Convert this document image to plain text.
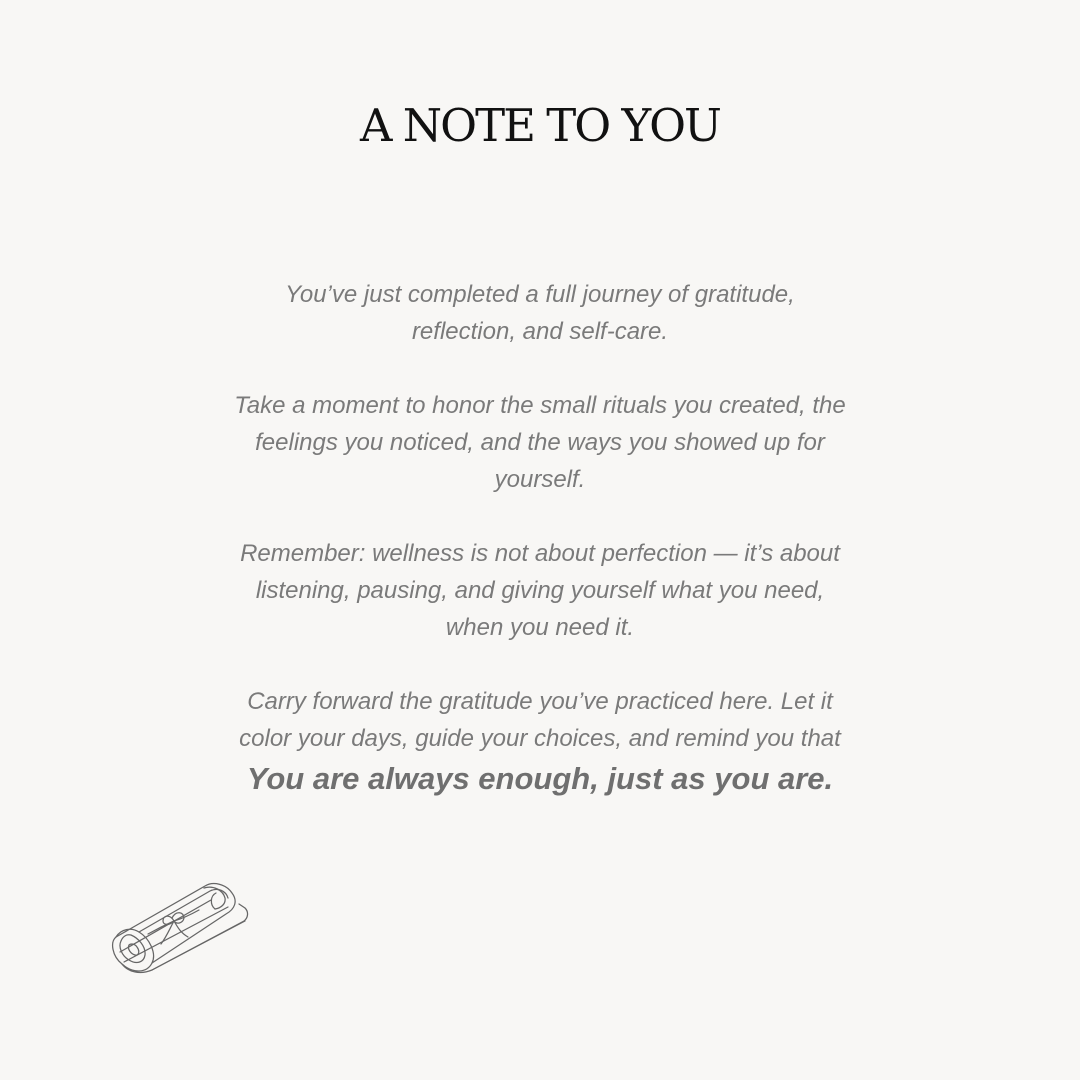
A NOTE TO YOU

You’ve just completed a full journey of gratitude,
reflection, and self-care.

Take a moment to honor the small rituals you created, the
feelings you noticed, and the ways you showed up for
yourself.

Remember: wellness is not about perfection — it’s about
listening, pausing, and giving yourself what you need,
when you need it.

Carry forward the gratitude you’ve practiced here. Let it
color your days, guide your choices, and remind you that
You are always enough, just as you are.
